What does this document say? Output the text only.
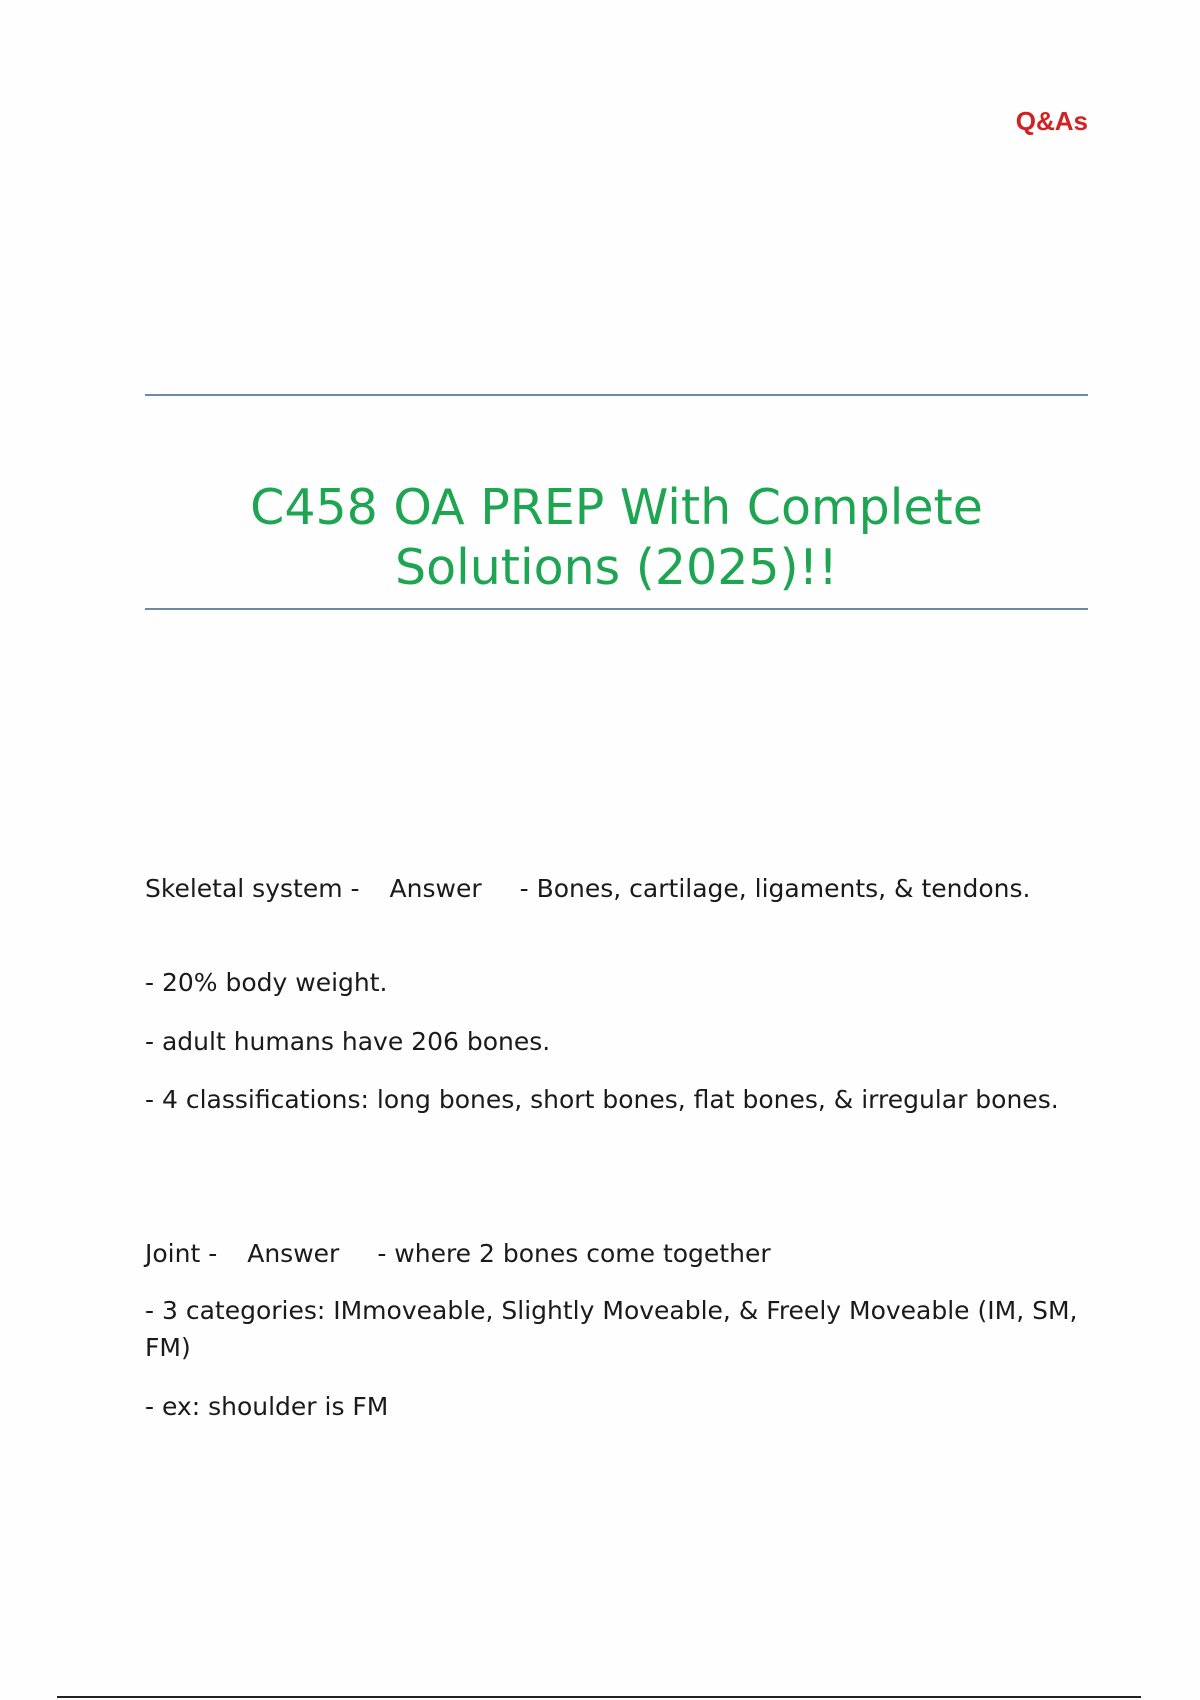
Q&As
C458 OA PREP With Complete
Solutions (2025)!!
Skeletal system - Answer - Bones, cartilage, ligaments, & tendons.
- 20% body weight.
- adult humans have 206 bones.
- 4 classifications: long bones, short bones, flat bones, & irregular bones.
Joint - Answer - where 2 bones come together
- 3 categories: IMmoveable, Slightly Moveable, & Freely Moveable (IM, SM, FM)
- ex: shoulder is FM
